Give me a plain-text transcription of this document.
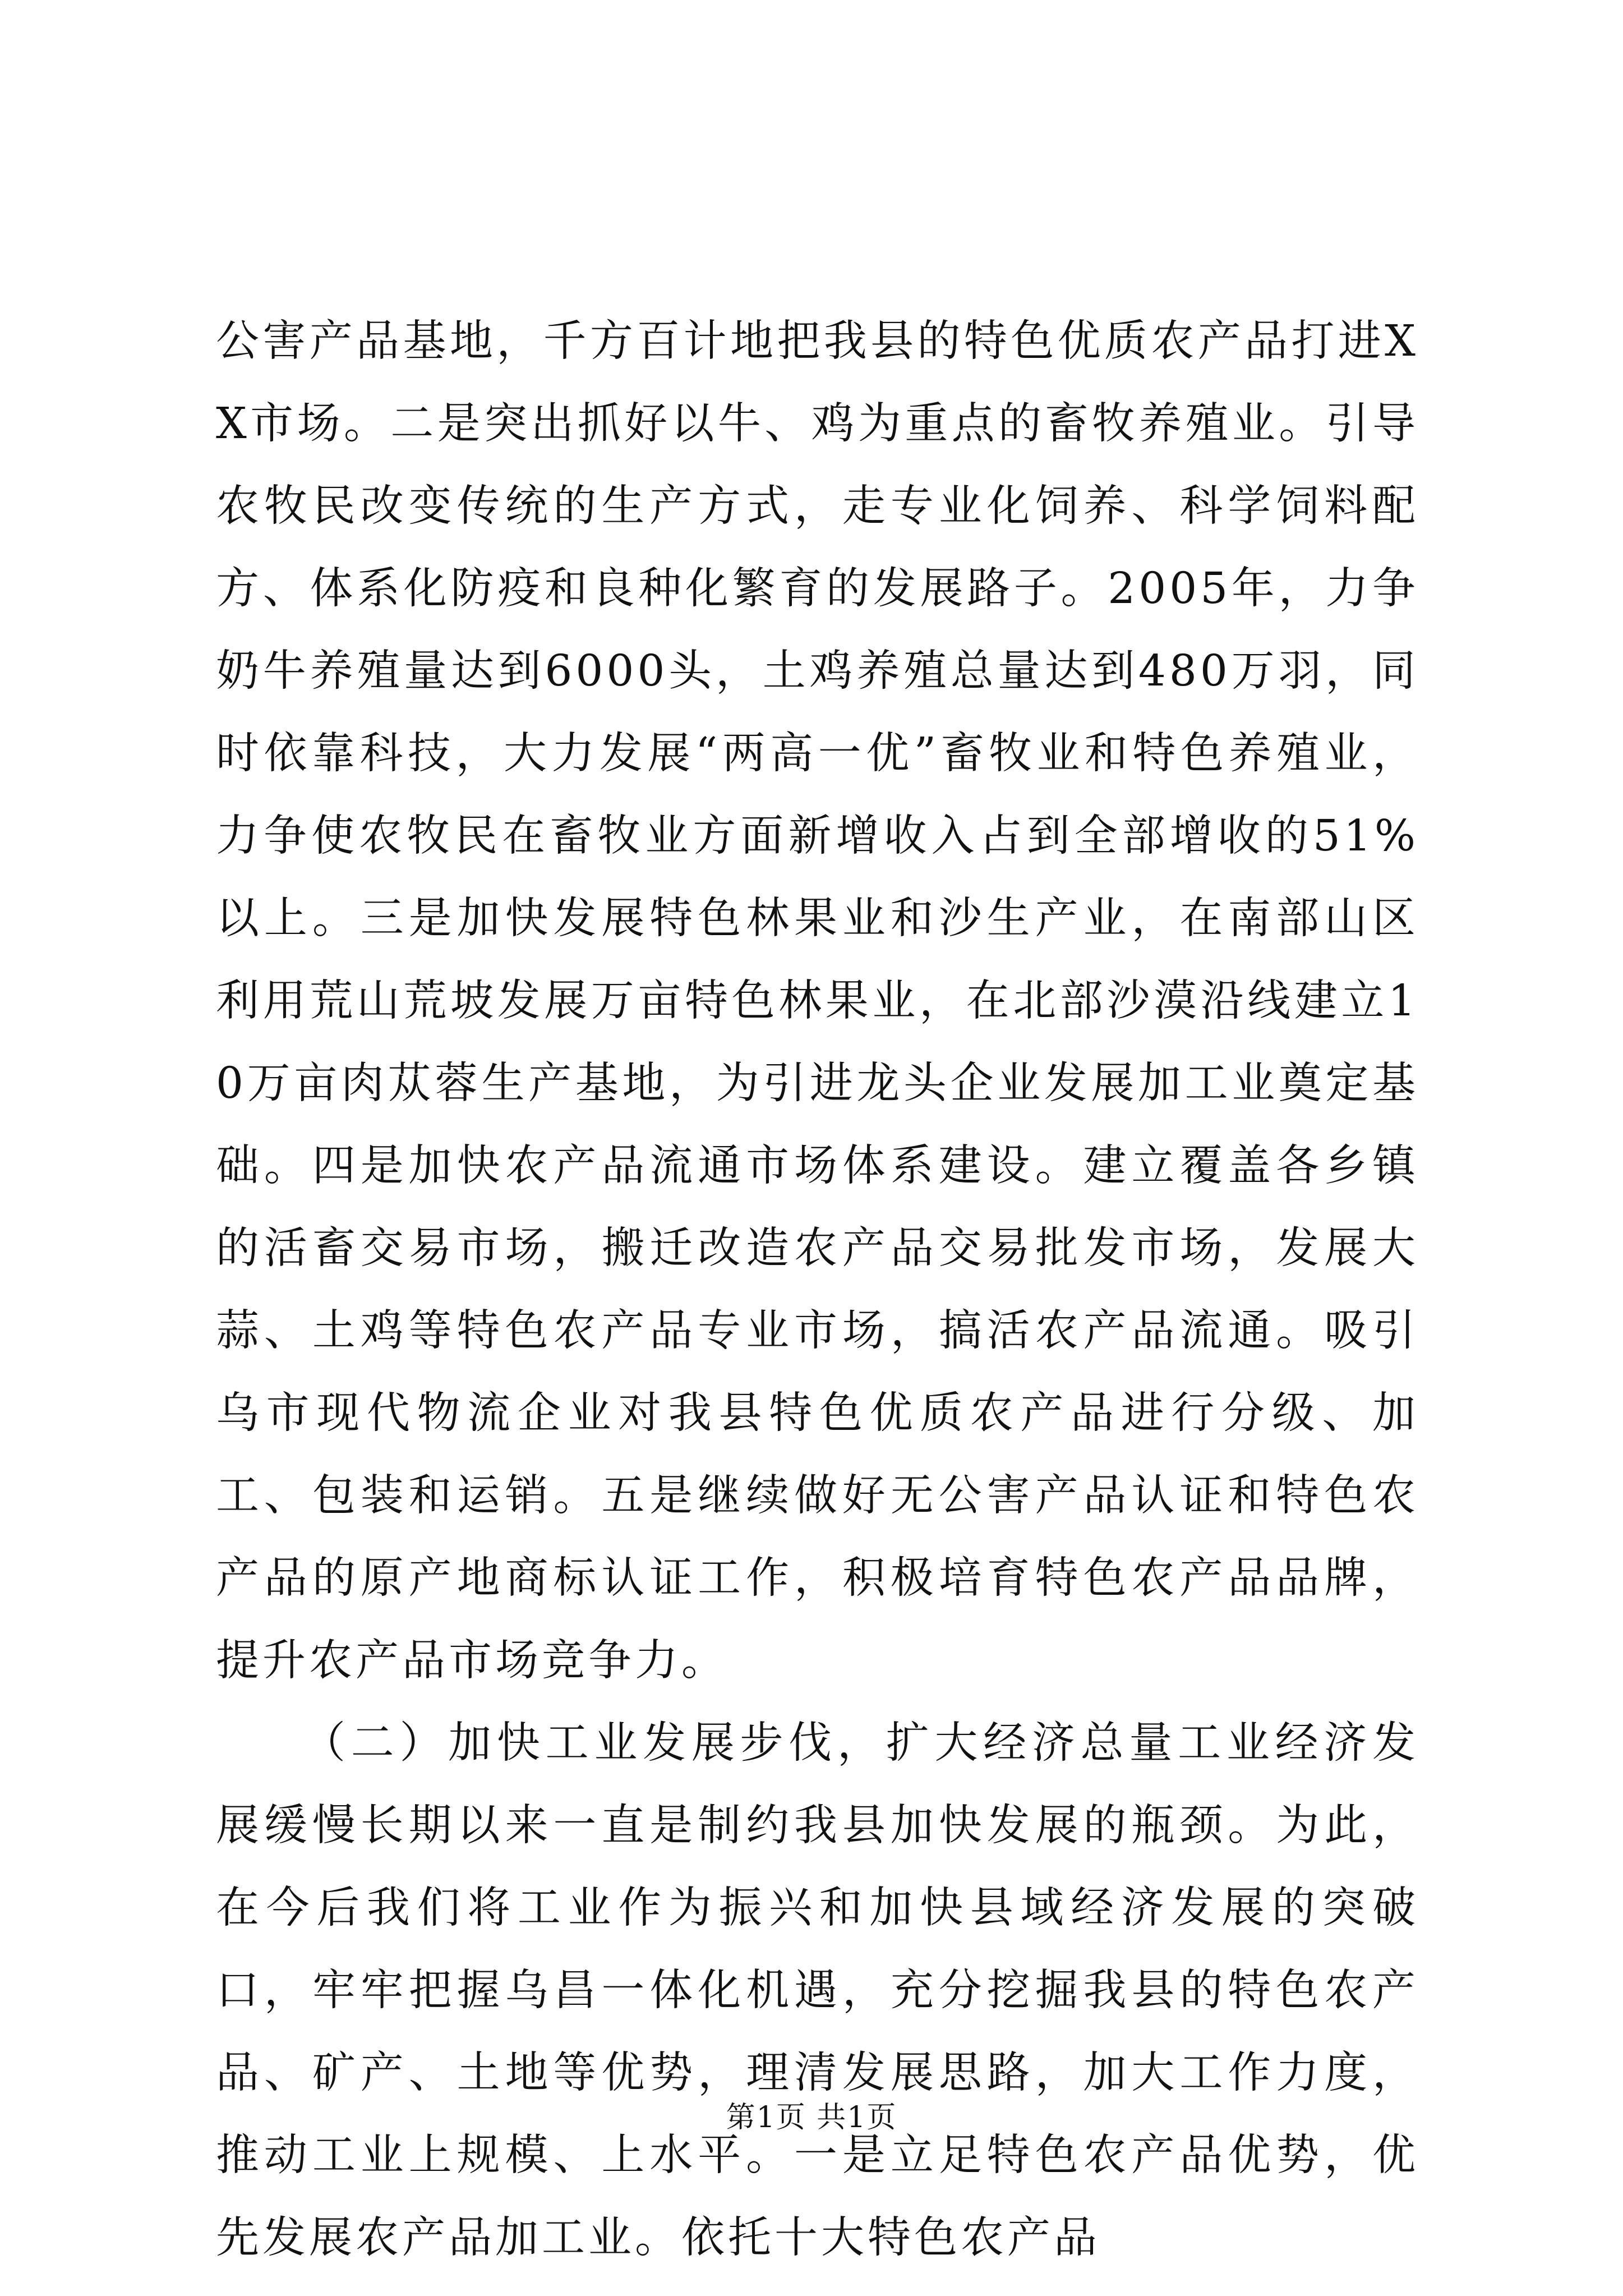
公害产品基地，千方百计地把我县的特色优质农产品打进XX市场。二是突出抓好以牛、鸡为重点的畜牧养殖业。引导农牧民改变传统的生产方式，走专业化饲养、科学饲料配方、体系化防疫和良种化繁育的发展路子。2005年，力争奶牛养殖量达到6000头，土鸡养殖总量达到480万羽，同时依靠科技，大力发展“两高一优”畜牧业和特色养殖业，力争使农牧民在畜牧业方面新增收入占到全部增收的51%以上。三是加快发展特色林果业和沙生产业，在南部山区利用荒山荒坡发展万亩特色林果业，在北部沙漠沿线建立10万亩肉苁蓉生产基地，为引进龙头企业发展加工业奠定基础。四是加快农产品流通市场体系建设。建立覆盖各乡镇的活畜交易市场，搬迁改造农产品交易批发市场，发展大蒜、土鸡等特色农产品专业市场，搞活农产品流通。吸引乌市现代物流企业对我县特色优质农产品进行分级、加工、包装和运销。五是继续做好无公害产品认证和特色农产品的原产地商标认证工作，积极培育特色农产品品牌，提升农产品市场竞争力。

（二）加快工业发展步伐，扩大经济总量工业经济发展缓慢长期以来一直是制约我县加快发展的瓶颈。为此，在今后我们将工业作为振兴和加快县域经济发展的突破口，牢牢把握乌昌一体化机遇，充分挖掘我县的特色农产品、矿产、土地等优势，理清发展思路，加大工作力度，推动工业上规模、上水平。一是立足特色农产品优势，优先发展农产品加工业。依托十大特色农产品

第1页 共1页
